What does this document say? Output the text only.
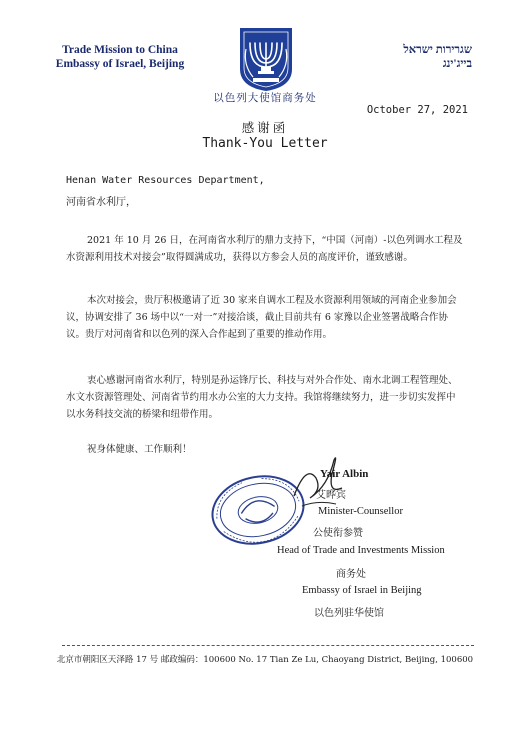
Trade Mission to China
Embassy of Israel, Beijing
שגרירות ישראל
בייג'ינג
以色列大使馆商务处
October 27, 2021
感谢函
Thank-You Letter
Henan Water Resources Department,
河南省水利厅，

2021 年 10 月 26 日，在河南省水利厅的鼎力支持下，“中国（河南）-以色列调水工程及水资源利用技术对接会”取得圆满成功，获得以方参会人员的高度评价，谨致感谢。

本次对接会，贵厅积极邀请了近 30 家来自调水工程及水资源利用领域的河南企业参加会议，协调安排了 36 场中以“一对一”对接洽谈，截止目前共有 6 家豫以企业签署战略合作协议。贵厅对河南省和以色列的深入合作起到了重要的推动作用。

衷心感谢河南省水利厅，特别是孙运锋厅长、科技与对外合作处、南水北调工程管理处、水文水资源管理处、河南省节约用水办公室的大力支持。我馆将继续努力，进一步切实发挥中以水务科技交流的桥梁和纽带作用。

祝身体健康、工作顺利！
Yair Albin
艾晔宾
Minister-Counsellor
公使衔参赞
Head of Trade and Investments Mission
商务处
Embassy of Israel in Beijing
以色列驻华使馆
北京市朝阳区天泽路 17 号 邮政编码：100600 No. 17 Tian Ze Lu, Chaoyang District, Beijing, 100600
